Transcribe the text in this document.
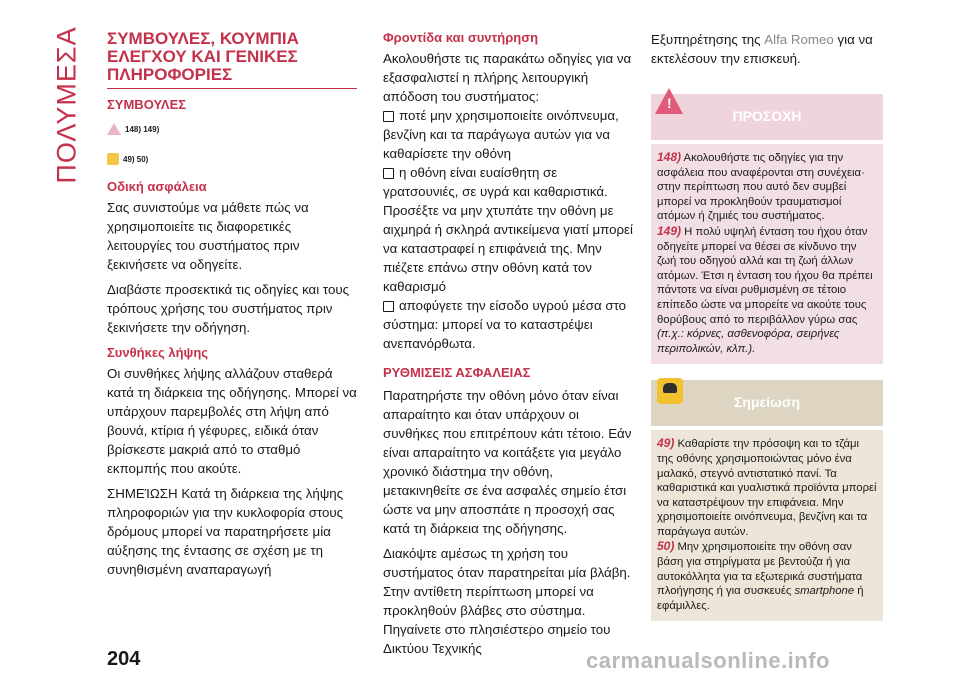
ΠΟΛΥΜΕΣΑ ΣΥΜΒΟΥΛΕΣ, ΚΟΥΜΠΙΑ ΕΛΕΓΧΟΥ ΚΑΙ ΓΕΝΙΚΕΣ ΠΛΗΡΟΦΟΡΙΕΣ
ΣΥΜΒΟΥΛΕΣ
148) 149)
49) 50)
Οδική ασφάλεια

Σας συνιστούμε να μάθετε πώς να χρησιμοποιείτε τις διαφορετικές λειτουργίες του συστήματος πριν ξεκινήσετε να οδηγείτε.

Διαβάστε προσεκτικά τις οδηγίες και τους τρόπους χρήσης του συστήματος πριν ξεκινήσετε την οδήγηση.

Συνθήκες λήψης

Οι συνθήκες λήψης αλλάζουν σταθερά κατά τη διάρκεια της οδήγησης. Μπορεί να υπάρχουν παρεμβολές στη λήψη από βουνά, κτίρια ή γέφυρες, ειδικά όταν βρίσκεστε μακριά από το σταθμό εκπομπής που ακούτε.

ΣΗΜΕΊΩΣΗ Κατά τη διάρκεια της λήψης πληροφοριών για την κυκλοφορία στους δρόμους μπορεί να παρατηρήσετε μία αύξησης της έντασης σε σχέση με τη συνηθισμένη αναπαραγωγή

Φροντίδα και συντήρηση

Ακολουθήστε τις παρακάτω οδηγίες για να εξασφαλιστεί η πλήρης λειτουργική απόδοση του συστήματος:

ποτέ μην χρησιμοποιείτε οινόπνευμα, βενζίνη και τα παράγωγα αυτών για να καθαρίσετε την οθόνη

η οθόνη είναι ευαίσθητη σε γρατσουνιές, σε υγρά και καθαριστικά. Προσέξτε να μην χτυπάτε την οθόνη με αιχμηρά ή σκληρά αντικείμενα γιατί μπορεί να καταστραφεί η επιφάνειά της. Μην πιέζετε επάνω στην οθόνη κατά τον καθαρισμό

αποφύγετε την είσοδο υγρού μέσα στο σύστημα: μπορεί να το καταστρέψει ανεπανόρθωτα.

ΡΥΘΜΙΣΕΙΣ ΑΣΦΑΛΕΙΑΣ

Παρατηρήστε την οθόνη μόνο όταν είναι απαραίτητο και όταν υπάρχουν οι συνθήκες που επιτρέπουν κάτι τέτοιο. Εάν είναι απαραίτητο να κοιτάξετε για μεγάλο χρονικό διάστημα την οθόνη, μετακινηθείτε σε ένα ασφαλές σημείο έτσι ώστε να μην αποσπάτε η προσοχή σας κατά τη διάρκεια της οδήγησης.

Διακόψτε αμέσως τη χρήση του συστήματος όταν παρατηρείται μία βλάβη. Στην αντίθετη περίπτωση μπορεί να προκληθούν βλάβες στο σύστημα. Πηγαίνετε στο πλησιέστερο σημείο του Δικτύου Τεχνικής

Εξυπηρέτησης της Alfa Romeo για να εκτελέσουν την επισκευή.

!
ΠΡΟΣΟΧΗ

148) Ακολουθήστε τις οδηγίες για την ασφάλεια που αναφέρονται στη συνέχεια· στην περίπτωση που αυτό δεν συμβεί μπορεί να προκληθούν τραυματισμοί ατόμων ή ζημιές του συστήματος.

149) Η πολύ υψηλή ένταση του ήχου όταν οδηγείτε μπορεί να θέσει σε κίνδυνο την ζωή του οδηγού αλλά και τη ζωή άλλων ατόμων. Έτσι η ένταση του ήχου θα πρέπει πάντοτε να είναι ρυθμισμένη σε τέτοιο επίπεδο ώστε να μπορείτε να ακούτε τους θορύβους από το περιβάλλον γύρω σας (π.χ.: κόρνες, ασθενοφόρα, σειρήνες περιπολικών, κλπ.).

Σημείωση

49) Καθαρίστε την πρόσοψη και το τζάμι της οθόνης χρησιμοποιώντας μόνο ένα μαλακό, στεγνό αντιστατικό πανί. Τα καθαριστικά και γυαλιστικά προϊόντα μπορεί να καταστρέψουν την επιφάνεια. Μην χρησιμοποιείτε οινόπνευμα, βενζίνη και τα παράγωγα αυτών.

50) Μην χρησιμοποιείτε την οθόνη σαν βάση για στηρίγματα με βεντούζα ή για αυτοκόλλητα για τα εξωτερικά συστήματα πλοήγησης ή για συσκευές smartphone ή εφάμιλλες.

204	carmanualsonline.info
